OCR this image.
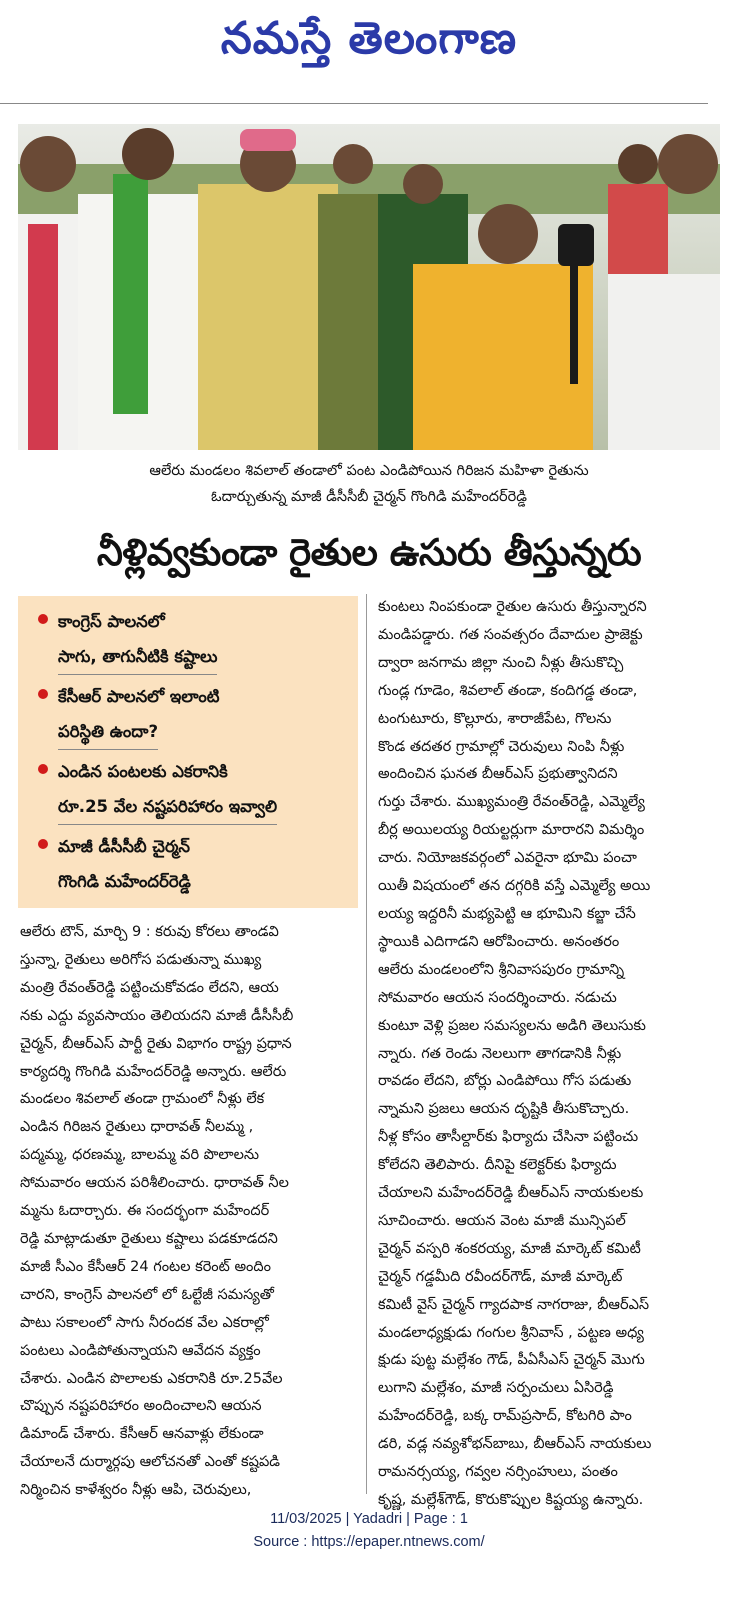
నమస్తే తెలంగాణ
ఆలేరు మండలం శివలాల్ తండాలో పంట ఎండిపోయిన గిరిజన మహిళా రైతును
ఓదార్చుతున్న మాజీ డీసీసీబీ చైర్మన్ గొంగిడి మహేందర్‌రెడ్డి
నీళ్లివ్వకుండా రైతుల ఉసురు తీస్తున్నరు
కాంగ్రెస్ పాలనలో
సాగు, తాగునీటికి కష్టాలు
కేసీఆర్ పాలనలో ఇలాంటి
పరిస్థితి ఉందా?
ఎండిన పంటలకు ఎకరానికి
రూ.25 వేల నష్టపరిహారం ఇవ్వాలి
మాజీ డీసీసీబీ చైర్మన్
గొంగిడి మహేందర్‌రెడ్డి

ఆలేరు టౌన్, మార్చి 9 : కరువు కోరలు తాండవి

స్తున్నా, రైతులు అరిగోస పడుతున్నా ముఖ్య

మంత్రి రేవంత్‌రెడ్డి పట్టించుకోవడం లేదని, ఆయ

నకు ఎద్దు వ్యవసాయం తెలియదని మాజీ డీసీసీబీ

చైర్మన్, బీఆర్‌ఎస్ పార్టీ రైతు విభాగం రాష్ట్ర ప్రధాన

కార్యదర్శి గొంగిడి మహేందర్‌రెడ్డి అన్నారు. ఆలేరు

మండలం శివలాల్ తండా గ్రామంలో నీళ్లు లేక

ఎండిన గిరిజన రైతులు ధారావత్ నీలమ్మ ,

పద్మమ్మ, ధరణమ్మ, బాలమ్మ వరి పొలాలను

సోమవారం ఆయన పరిశీలించారు. ధారావత్ నీల

మ్మను ఓదార్చారు. ఈ సందర్భంగా మహేందర్

రెడ్డి మాట్లాడుతూ రైతులు కష్టాలు పడకూడదని

మాజీ సీఎం కేసీఆర్ 24 గంటల కరెంట్ అందిం

చారని, కాంగ్రెస్ పాలనలో లో ఓల్టేజీ సమస్యతో

పాటు సకాలంలో సాగు నీరందక వేల ఎకరాల్లో

పంటలు ఎండిపోతున్నాయని ఆవేదన వ్యక్తం

చేశారు. ఎండిన పొలాలకు ఎకరానికి రూ.25వేల

చొప్పున నష్టపరిహారం అందించాలని ఆయన

డిమాండ్ చేశారు. కేసీఆర్ ఆనవాళ్లు లేకుండా

చేయాలనే దుర్మార్గపు ఆలోచనతో ఎంతో కష్టపడి

నిర్మించిన కాళేశ్వరం నీళ్లు ఆపి, చెరువులు,

కుంటలు నింపకుండా రైతుల ఉసురు తీస్తున్నారని

మండిపడ్డారు. గత సంవత్సరం దేవాదుల ప్రాజెక్టు

ద్వారా జనగామ జిల్లా నుంచి నీళ్లు తీసుకొచ్చి

గుండ్ల గూడెం, శివలాల్ తండా, కందిగడ్డ తండా,

టంగుటూరు, కొల్లూరు, శారాజీపేట, గొలను

కొండ తదతర గ్రామాల్లో చెరువులు నింపి నీళ్లు

అందించిన ఘనత బీఆర్‌ఎస్ ప్రభుత్వానిదని

గుర్తు చేశారు. ముఖ్యమంత్రి రేవంత్‌రెడ్డి, ఎమ్మెల్యే

బీర్ల అయిలయ్య రియల్టర్లుగా మారారని విమర్శిం

చారు. నియోజకవర్గంలో ఎవరైనా భూమి పంచా

యితీ విషయంలో తన దగ్గరికి వస్తే ఎమ్మెల్యే అయి

లయ్య ఇద్దరినీ మభ్యపెట్టి ఆ భూమిని కబ్జా చేసే

స్థాయికి ఎదిగాడని ఆరోపించారు. అనంతరం

ఆలేరు మండలంలోని శ్రీనివాసపురం గ్రామాన్ని

సోమవారం ఆయన సందర్శించారు. నడుచు

కుంటూ వెళ్లి ప్రజల సమస్యలను అడిగి తెలుసుకు

న్నారు. గత రెండు నెలలుగా తాగడానికి నీళ్లు

రావడం లేదని, బోర్లు ఎండిపోయి గోస పడుతు

న్నామని ప్రజలు ఆయన దృష్టికి తీసుకొచ్చారు.

నీళ్ల కోసం తాసీల్దార్‌కు ఫిర్యాదు చేసినా పట్టించు

కోలేదని తెలిపారు. దీనిపై కలెక్టర్‌కు ఫిర్యాదు

చేయాలని మహేందర్‌రెడ్డి బీఆర్‌ఎస్ నాయకులకు

సూచించారు. ఆయన వెంట మాజీ మున్సిపల్

చైర్మన్ వస్పరి శంకరయ్య, మాజీ మార్కెట్ కమిటీ

చైర్మన్ గడ్డమీది రవీందర్‌గౌడ్, మాజీ మార్కెట్

కమిటీ వైస్ చైర్మన్ గ్యాదపాక నాగరాజు, బీఆర్‌ఎస్

మండలాధ్యక్షుడు గంగుల శ్రీనివాస్ , పట్టణ అధ్య

క్షుడు పుట్ట మల్లేశం గౌడ్, పీఏసీఎస్ చైర్మన్ మొగు

లుగాని మల్లేశం, మాజీ సర్పంచులు ఏసిరెడ్డి

మహేందర్‌రెడ్డి, బక్క రామ్‌ప్రసాద్, కోటగిరి పాం

డరి, వడ్ల నవ్యశోభన్‌బాబు, బీఆర్‌ఎస్ నాయకులు

రామనర్సయ్య, గవ్వల నర్సింహులు, పంతం

కృష్ణ, మల్లేశ్‌గౌడ్, కొరుకొప్పుల కిష్టయ్య ఉన్నారు.

11/03/2025 | Yadadri | Page : 1
Source : https://epaper.ntnews.com/
